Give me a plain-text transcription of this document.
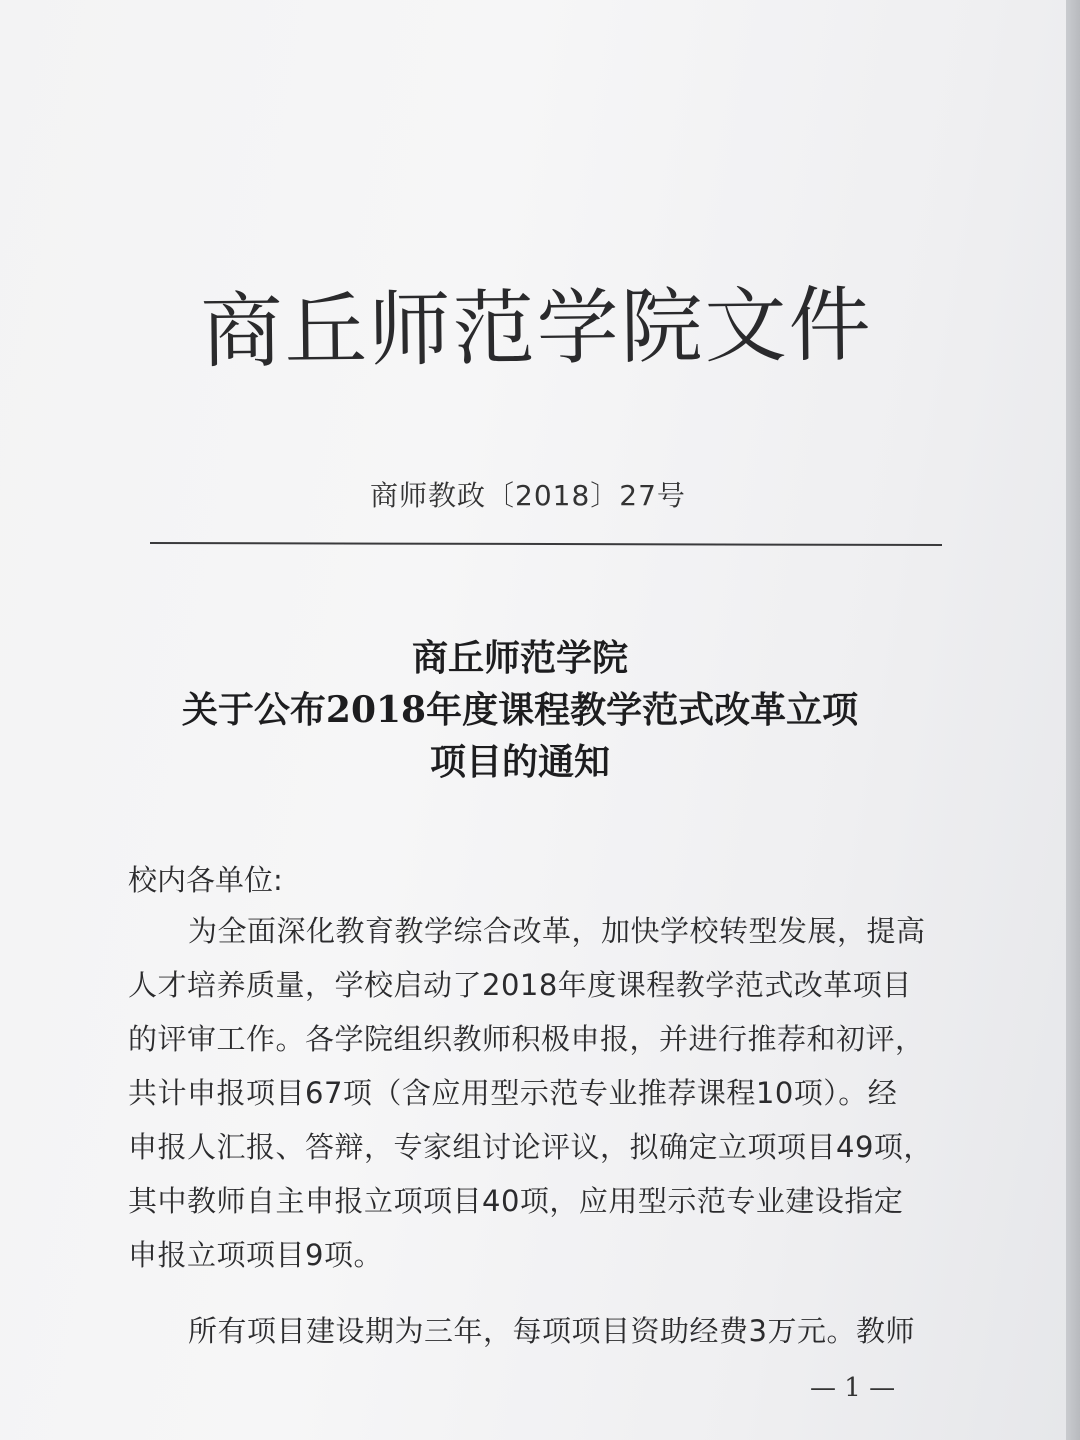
商丘师范学院文件
商师教政〔2018〕27号
商丘师范学院
关于公布2018年度课程教学范式改革立项
项目的通知
校内各单位:
为全面深化教育教学综合改革，加快学校转型发展，提高
人才培养质量，学校启动了2018年度课程教学范式改革项目
的评审工作。各学院组织教师积极申报，并进行推荐和初评，
共计申报项目67项（含应用型示范专业推荐课程10项）。经
申报人汇报、答辩，专家组讨论评议，拟确定立项项目49项，
其中教师自主申报立项项目40项，应用型示范专业建设指定
申报立项项目9项。
所有项目建设期为三年，每项项目资助经费3万元。教师
— 1 —
